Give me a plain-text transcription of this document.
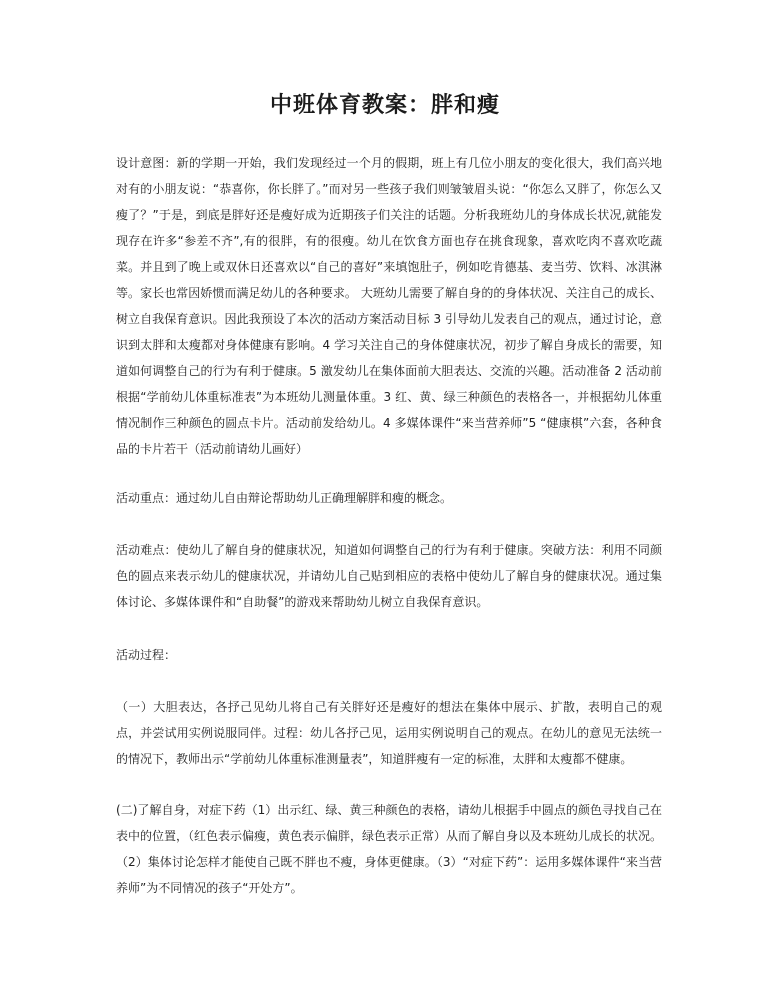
中班体育教案：胖和瘦

设计意图：新的学期一开始，我们发现经过一个月的假期，班上有几位小朋友的变化很大，我们高兴地对有的小朋友说：“恭喜你，你长胖了。”而对另一些孩子我们则皱皱眉头说：“你怎么又胖了，你怎么又瘦了？”于是，到底是胖好还是瘦好成为近期孩子们关注的话题。分析我班幼儿的身体成长状况,就能发现存在许多“参差不齐”,有的很胖，有的很瘦。幼儿在饮食方面也存在挑食现象，喜欢吃肉不喜欢吃蔬菜。并且到了晚上或双休日还喜欢以“自己的喜好”来填饱肚子，例如吃肯德基、麦当劳、饮料、冰淇淋等。家长也常因娇惯而满足幼儿的各种要求。 大班幼儿需要了解自身的的身体状况、关注自己的成长、树立自我保育意识。因此我预设了本次的活动方案活动目标 3 引导幼儿发表自己的观点，通过讨论，意识到太胖和太瘦都对身体健康有影响。4 学习关注自己的身体健康状况，初步了解自身成长的需要，知道如何调整自己的行为有利于健康。5 激发幼儿在集体面前大胆表达、交流的兴趣。活动准备 2 活动前根据“学前幼儿体重标准表”为本班幼儿测量体重。3 红、黄、绿三种颜色的表格各一，并根据幼儿体重情况制作三种颜色的圆点卡片。活动前发给幼儿。4 多媒体课件“来当营养师”5 “健康棋”六套，各种食品的卡片若干（活动前请幼儿画好）

活动重点：通过幼儿自由辩论帮助幼儿正确理解胖和瘦的概念。

活动难点：使幼儿了解自身的健康状况，知道如何调整自己的行为有利于健康。突破方法：利用不同颜色的圆点来表示幼儿的健康状况，并请幼儿自己贴到相应的表格中使幼儿了解自身的健康状况。通过集体讨论、多媒体课件和“自助餐”的游戏来帮助幼儿树立自我保育意识。

活动过程：

（一）大胆表达，各抒己见幼儿将自己有关胖好还是瘦好的想法在集体中展示、扩散，表明自己的观点，并尝试用实例说服同伴。过程：幼儿各抒己见，运用实例说明自己的观点。在幼儿的意见无法统一的情况下，教师出示“学前幼儿体重标准测量表”，知道胖瘦有一定的标准，太胖和太瘦都不健康。

(二)了解自身，对症下药（1）出示红、绿、黄三种颜色的表格，请幼儿根据手中圆点的颜色寻找自己在表中的位置，（红色表示偏瘦，黄色表示偏胖，绿色表示正常）从而了解自身以及本班幼儿成长的状况。（2）集体讨论怎样才能使自己既不胖也不瘦，身体更健康。（3）“对症下药”：运用多媒体课件“来当营养师”为不同情况的孩子“开处方”。
